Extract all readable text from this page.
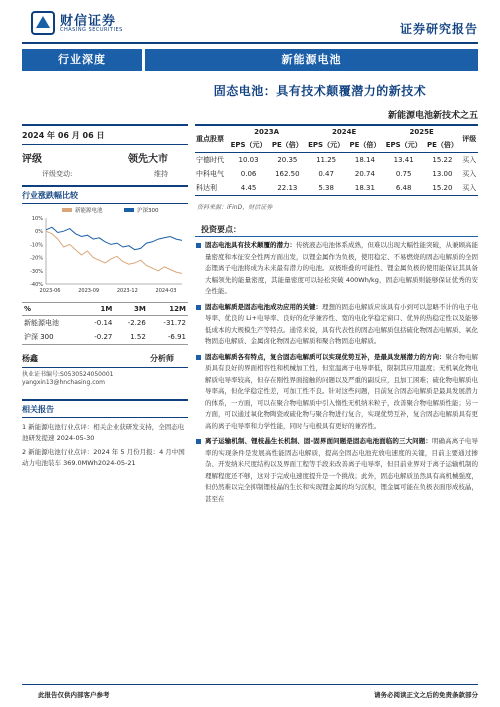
财信证券
CHASING SECURITIES	证券研究报告
行业深度	新能源电池
固态电池：具有技术颠覆潜力的新技术
新能源电池新技术之五
2024 年 06 月 06 日
评级	领先大市
评级变动:	维持
行业涨跌幅比较
新能源电池	沪深300
10%
0%
-10%
-20%
-30%
-40%
2023-06	2023-09	2023-12	2024-03
%	1M	3M	12M
新能源电池	-0.14	-2.26	-31.72
沪深 300	-0.27	1.52	-6.91
杨鑫	分析师
执业证书编号:S0530524050001
yangxin13@hnchasing.com
相关报告
1 新能源电池行业点评：相关企业获研发支持，全固态电池研发提速 2024-05-30
2 新能源电池行业点评：2024 年 5 月份月报：4 月中国动力电池装车 369.0MWh2024-05-21
重点股票	2023A		2024E		2025E		评级
	EPS（元）	PE（倍）	EPS（元）	PE（倍）	EPS（元）	PE（倍）	
宁德时代	10.03	20.35	11.25	18.14	13.41	15.22	买入
中科电气	0.06	162.50	0.47	20.74	0.75	13.00	买入
科达利	4.45	22.13	5.38	18.31	6.48	15.20	买入
资料来源：iFinD，财信证券
投资要点：
固态电池具有技术颠覆的潜力：传统液态电池体系成熟，但难以出现大幅性能突破，从兼顾高能量密度和本征安全性两方面出发，以锂金属作为负极，使用稳定、不易燃烧的固态电解质的全固态锂离子电池将成为未来最有潜力的电池。双极堆叠的可能性、锂金属负极的使用能保证其具备大幅领先的能量密度，其能量密度可以轻松突破 400Wh/kg，固态电解质则能够保证优秀的安全性能。
固态电解质是固态电池成功应用的关键：理想的固态电解质应该具有小到可以忽略不计的电子电导率、优良的 Li+电导率、良好的化学兼容性、宽的电化学稳定窗口、优异的热稳定性以及能够低成本的大规模生产等特点。通常来说，具有代表性的固态电解质包括硫化物固态电解质、氧化物固态电解质、金属卤化物固态电解质和聚合物固态电解质。
固态电解质各有特点，复合固态电解质可以实现优势互补，是最具发展潜力的方向：聚合物电解质具有良好的界面相容性和机械加工性，但室温离子电导率低，限制其应用温度；无机氧化物电解质电导率较高，但存在刚性界面接触的问题以及严重的副反应，且加工困难；硫化物电解质电导率高，但化学稳定性差，可加工性不良。针对这些问题，目前复合固态电解质是最具发展潜力的体系，一方面，可以在聚合物电解质中引入惰性无机纳米粒子，改善聚合物电解质性能；另一方面，可以通过氧化物陶瓷或硫化物与聚合物进行复合，实现优势互补，复合固态电解质具有更高的离子电导率和力学性能，同时与电极具有更好的兼容性。
离子运输机制、锂枝晶生长机制、固-固界面问题是固态电池面临的三大问题：明确高离子电导率的实现条件是发展高性能固态电解质，提高全固态电池充放电速度的关键，目前主要通过掺杂、开发纳米尺度结构以及界面工程等手段来改善离子电导率，但目前业界对于离子运输机制的理解程度还不够，这对于完成电速度提升是一个挑战；此外，固态电解质虽然具有高机械强度，但仍然难以完全抑制锂枝晶的生长和实现锂金属的均匀沉积，锂金属可能在负极表面形成枝晶，甚至在
此报告仅供内部客户参考	请务必阅读正文之后的免责条款部分
